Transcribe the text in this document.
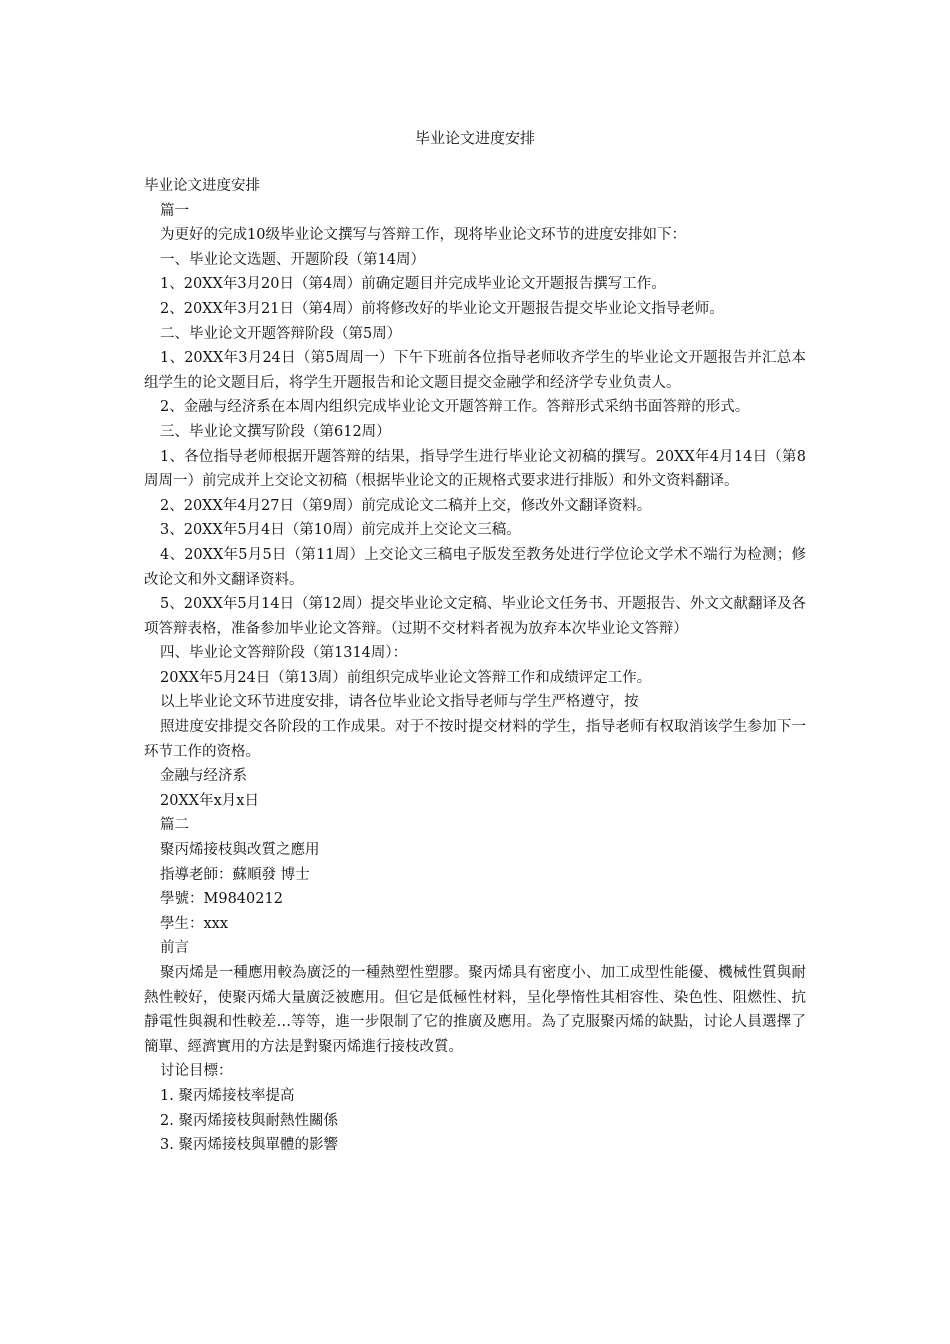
毕业论文进度安排

毕业论文进度安排

篇一

为更好的完成10级毕业论文撰写与答辩工作，现将毕业论文环节的进度安排如下：

一、毕业论文选题、开题阶段（第14周）

1、20XX年3月20日（第4周）前确定题目并完成毕业论文开题报告撰写工作。

2、20XX年3月21日（第4周）前将修改好的毕业论文开题报告提交毕业论文指导老师。

二、毕业论文开题答辩阶段（第5周）

1、20XX年3月24日（第5周周一）下午下班前各位指导老师收齐学生的毕业论文开题报告并汇总本组学生的论文题目后，将学生开题报告和论文题目提交金融学和经济学专业负责人。

2、金融与经济系在本周内组织完成毕业论文开题答辩工作。答辩形式采纳书面答辩的形式。

三、毕业论文撰写阶段（第612周）

1、各位指导老师根据开题答辩的结果，指导学生进行毕业论文初稿的撰写。20XX年4月14日（第8周周一）前完成并上交论文初稿（根据毕业论文的正规格式要求进行排版）和外文资料翻译。

2、20XX年4月27日（第9周）前完成论文二稿并上交，修改外文翻译资料。

3、20XX年5月4日（第10周）前完成并上交论文三稿。

4、20XX年5月5日（第11周）上交论文三稿电子版发至教务处进行学位论文学术不端行为检测；修改论文和外文翻译资料。

5、20XX年5月14日（第12周）提交毕业论文定稿、毕业论文任务书、开题报告、外文文献翻译及各项答辩表格，准备参加毕业论文答辩。（过期不交材料者视为放弃本次毕业论文答辩）

四、毕业论文答辩阶段（第1314周）：

20XX年5月24日（第13周）前组织完成毕业论文答辩工作和成绩评定工作。

以上毕业论文环节进度安排，请各位毕业论文指导老师与学生严格遵守，按

照进度安排提交各阶段的工作成果。对于不按时提交材料的学生，指导老师有权取消该学生参加下一环节工作的资格。

金融与经济系

20XX年x月x日

篇二

聚丙烯接枝與改質之應用

指導老師：蘇順發 博士

學號：M9840212

學生：xxx

前言

聚丙烯是一種應用較為廣泛的一種熱塑性塑膠。聚丙烯具有密度小、加工成型性能優、機械性質與耐熱性較好，使聚丙烯大量廣泛被應用。但它是低極性材料，呈化學惰性其相容性、染色性、阻燃性、抗靜電性與親和性較差…等等，進一步限制了它的推廣及應用。為了克服聚丙烯的缺點，讨论人員選擇了簡單、經濟實用的方法是對聚丙烯進行接枝改質。

讨论目標：

1. 聚丙烯接枝率提高

2. 聚丙烯接枝與耐熱性關係

3. 聚丙烯接枝與單體的影響
